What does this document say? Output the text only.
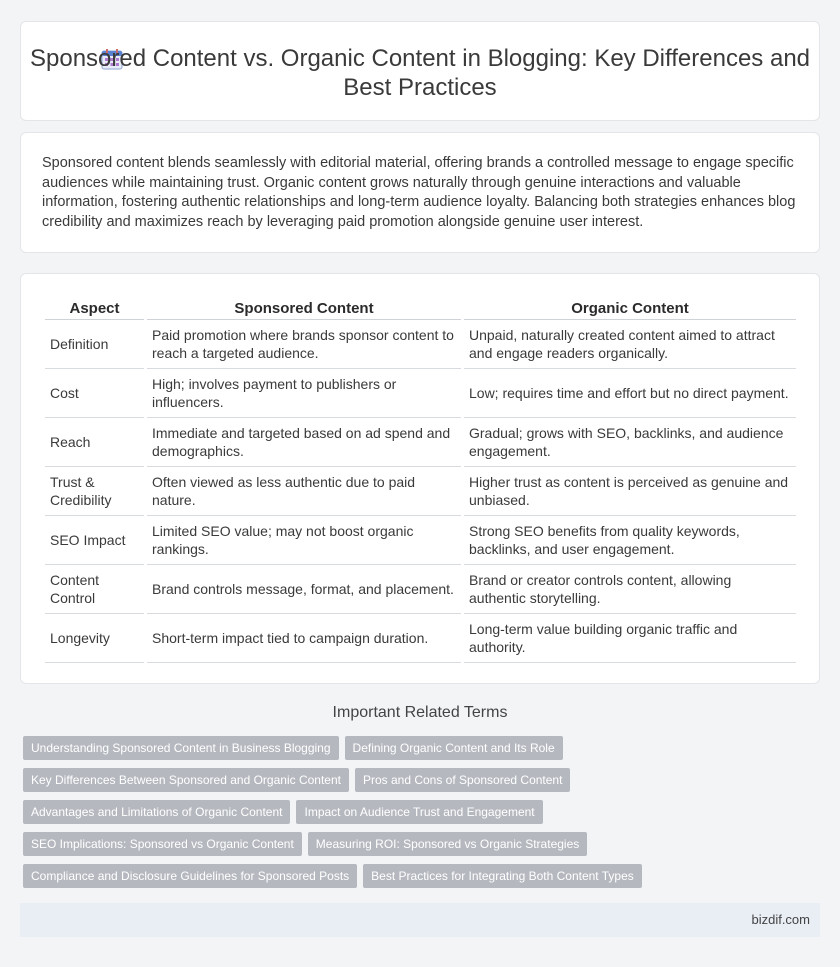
Sponsored Content vs. Organic Content in Blogging: Key Differences and Best Practices

Sponsored content blends seamlessly with editorial material, offering brands a controlled message to engage specific audiences while maintaining trust. Organic content grows naturally through genuine interactions and valuable information, fostering authentic relationships and long-term audience loyalty. Balancing both strategies enhances blog credibility and maximizes reach by leveraging paid promotion alongside genuine user interest.

Aspect	Sponsored Content	Organic Content
Definition	Paid promotion where brands sponsor content to reach a targeted audience.	Unpaid, naturally created content aimed to attract and engage readers organically.
Cost	High; involves payment to publishers or influencers.	Low; requires time and effort but no direct payment.
Reach	Immediate and targeted based on ad spend and demographics.	Gradual; grows with SEO, backlinks, and audience engagement.
Trust & Credibility	Often viewed as less authentic due to paid nature.	Higher trust as content is perceived as genuine and unbiased.
SEO Impact	Limited SEO value; may not boost organic rankings.	Strong SEO benefits from quality keywords, backlinks, and user engagement.
Content Control	Brand controls message, format, and placement.	Brand or creator controls content, allowing authentic storytelling.
Longevity	Short-term impact tied to campaign duration.	Long-term value building organic traffic and authority.
Important Related Terms
Understanding Sponsored Content in Business Blogging Defining Organic Content and Its Role
Key Differences Between Sponsored and Organic Content Pros and Cons of Sponsored Content
Advantages and Limitations of Organic Content Impact on Audience Trust and Engagement
SEO Implications: Sponsored vs Organic Content Measuring ROI: Sponsored vs Organic Strategies
Compliance and Disclosure Guidelines for Sponsored Posts Best Practices for Integrating Both Content Types
bizdif.com
